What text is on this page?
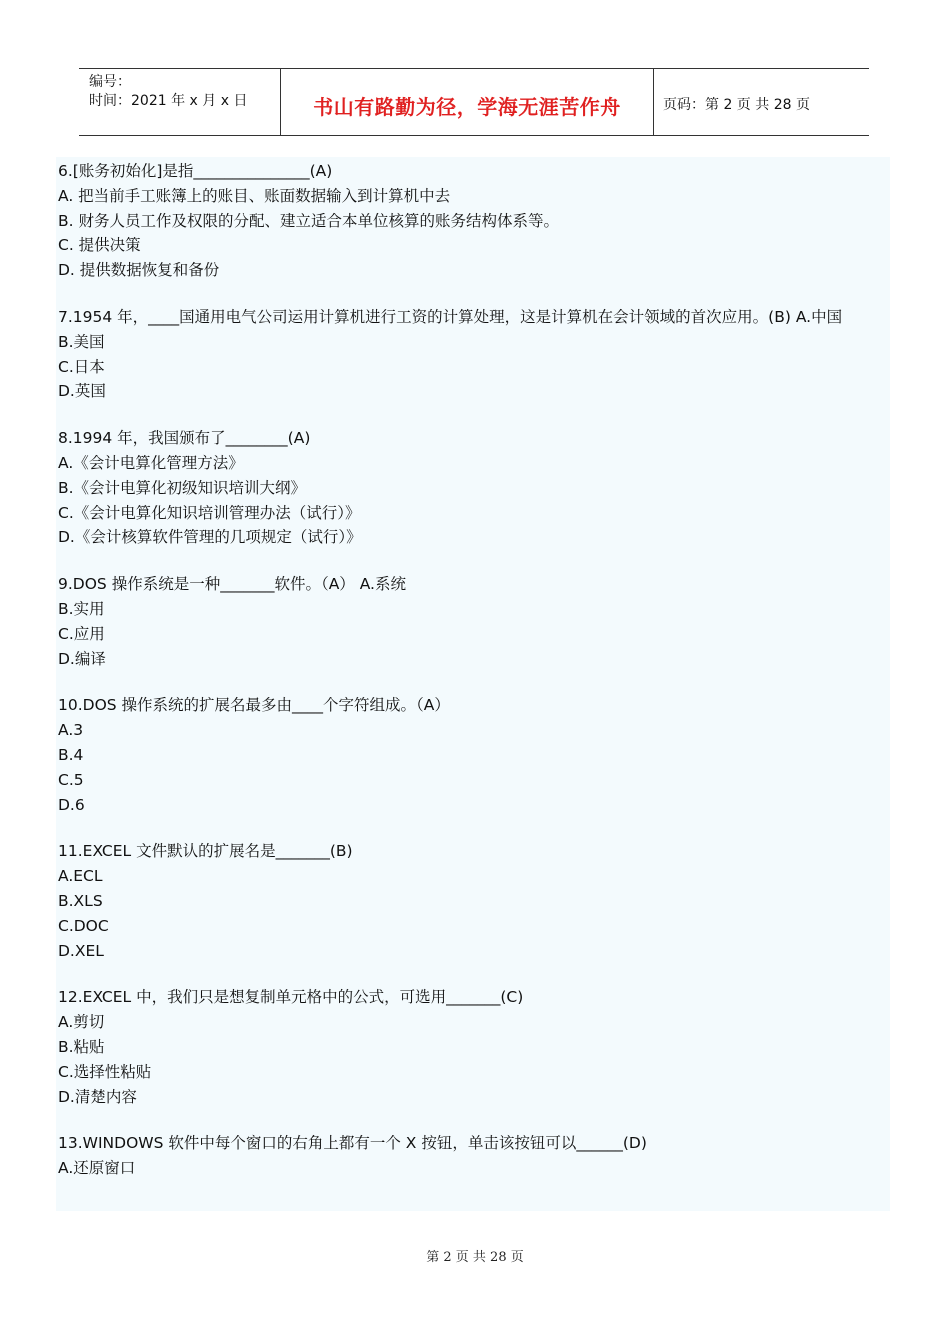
编号：
时间：2021 年 x 月 x 日	书山有路勤为径，学海无涯苦作舟	页码：第 2 页 共 28 页
6.[账务初始化]是指_______________(A)
A. 把当前手工账簿上的账目、账面数据输入到计算机中去
B. 财务人员工作及权限的分配、建立适合本单位核算的账务结构体系等。
C. 提供决策
D. 提供数据恢复和备份
7.1954 年，____国通用电气公司运用计算机进行工资的计算处理，这是计算机在会计领域的首次应用。(B) A.中国
B.美国
C.日本
D.英国
8.1994 年，我国颁布了________(A)
A.《会计电算化管理方法》
B.《会计电算化初级知识培训大纲》
C.《会计电算化知识培训管理办法（试行）》
D.《会计核算软件管理的几项规定（试行）》
9.DOS 操作系统是一种_______软件。（A） A.系统
B.实用
C.应用
D.编译
10.DOS 操作系统的扩展名最多由____个字符组成。（A）
A.3
B.4
C.5
D.6
11.EXCEL 文件默认的扩展名是_______(B)
A.ECL
B.XLS
C.DOC
D.XEL
12.EXCEL 中，我们只是想复制单元格中的公式，可选用_______(C)
A.剪切
B.粘贴
C.选择性粘贴
D.清楚内容
13.WINDOWS 软件中每个窗口的右角上都有一个 X 按钮，单击该按钮可以______(D)
A.还原窗口
第 2 页 共 28 页
